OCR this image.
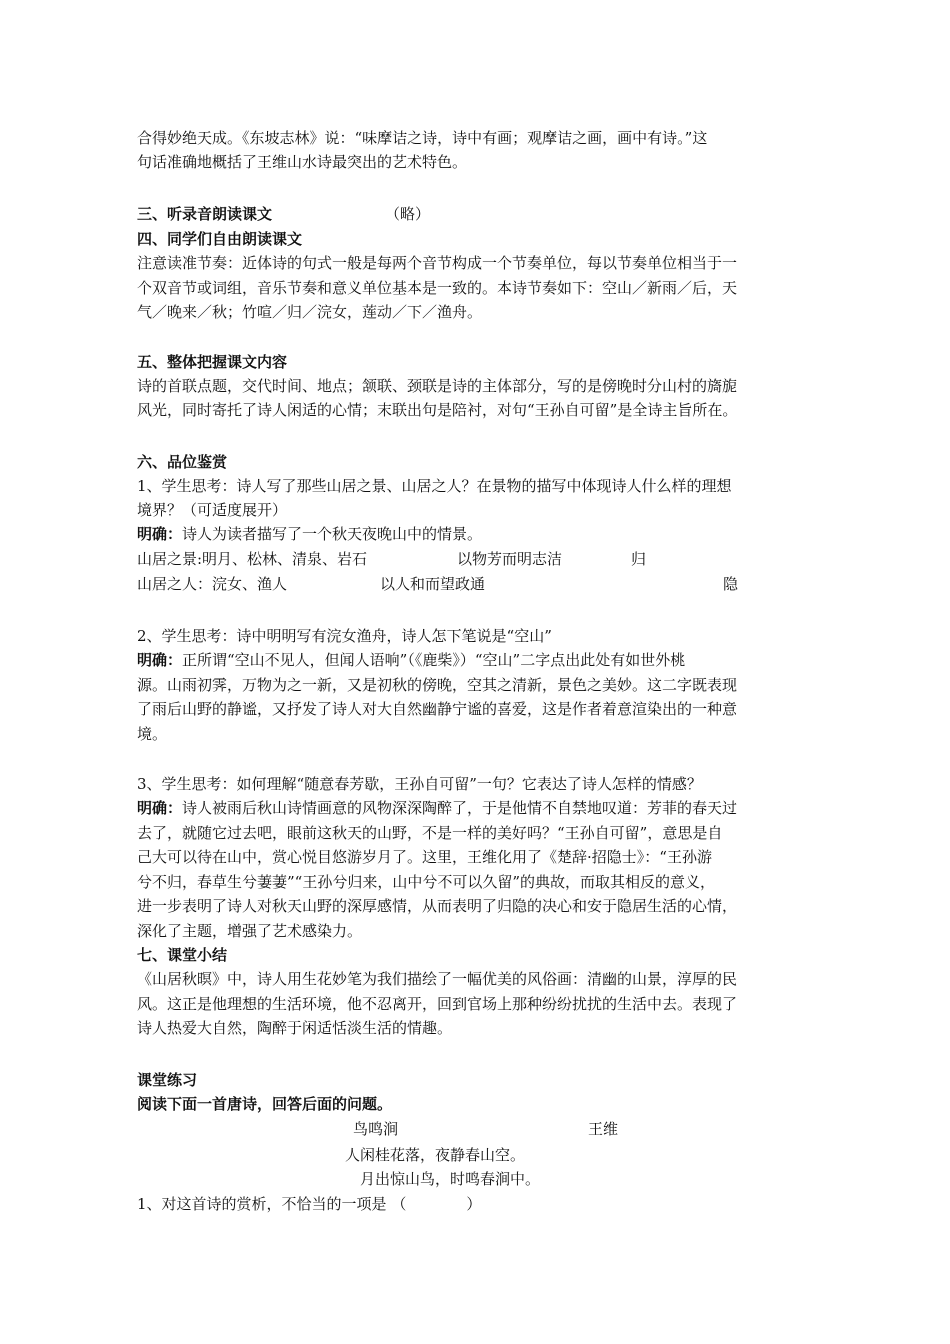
合得妙绝天成。《东坡志林》说：“味摩诘之诗，诗中有画；观摩诘之画，画中有诗。”这
句话准确地概括了王维山水诗最突出的艺术特色。
三、听录音朗读课文	（略）
四、同学们自由朗读课文
注意读准节奏：近体诗的句式一般是每两个音节构成一个节奏单位，每以节奏单位相当于一
个双音节或词组，音乐节奏和意义单位基本是一致的。本诗节奏如下：空山／新雨／后，天
气／晚来／秋；竹喧／归／浣女，莲动／下／渔舟。
五、整体把握课文内容
诗的首联点题，交代时间、地点；颔联、颈联是诗的主体部分，写的是傍晚时分山村的旖旎
风光，同时寄托了诗人闲适的心情；末联出句是陪衬，对句“王孙自可留”是全诗主旨所在。
六、品位鉴赏
1、学生思考：诗人写了那些山居之景、山居之人？在景物的描写中体现诗人什么样的理想
境界？（可适度展开）
明确：诗人为读者描写了一个秋天夜晚山中的情景。
山居之景:明月、松林、清泉、岩石	以物芳而明志洁	归
山居之人：浣女、渔人	以人和而望政通	隐
2、学生思考：诗中明明写有浣女渔舟，诗人怎下笔说是“空山”
明确：正所谓“空山不见人，但闻人语响”（《鹿柴》）“空山”二字点出此处有如世外桃
源。山雨初霁，万物为之一新，又是初秋的傍晚，空其之清新，景色之美妙。这二字既表现
了雨后山野的静谧，又抒发了诗人对大自然幽静宁谧的喜爱，这是作者着意渲染出的一种意
境。
3、学生思考：如何理解“随意春芳歇，王孙自可留”一句？它表达了诗人怎样的情感？
明确：诗人被雨后秋山诗情画意的风物深深陶醉了，于是他情不自禁地叹道：芳菲的春天过
去了，就随它过去吧，眼前这秋天的山野，不是一样的美好吗？“王孙自可留”，意思是自
己大可以待在山中，赏心悦目悠游岁月了。这里，王维化用了《楚辞·招隐士》：“王孙游
兮不归，春草生兮萋萋”“王孙兮归来，山中兮不可以久留”的典故，而取其相反的意义，
进一步表明了诗人对秋天山野的深厚感情，从而表明了归隐的决心和安于隐居生活的心情，
深化了主题，增强了艺术感染力。
七、课堂小结
《山居秋暝》中，诗人用生花妙笔为我们描绘了一幅优美的风俗画：清幽的山景，淳厚的民
风。这正是他理想的生活环境，他不忍离开，回到官场上那种纷纷扰扰的生活中去。表现了
诗人热爱大自然，陶醉于闲适恬淡生活的情趣。
课堂练习
阅读下面一首唐诗，回答后面的问题。
鸟鸣涧	王维
人闲桂花落，夜静春山空。
月出惊山鸟，时鸣春涧中。
1、对这首诗的赏析，不恰当的一项是 （　　　　）
